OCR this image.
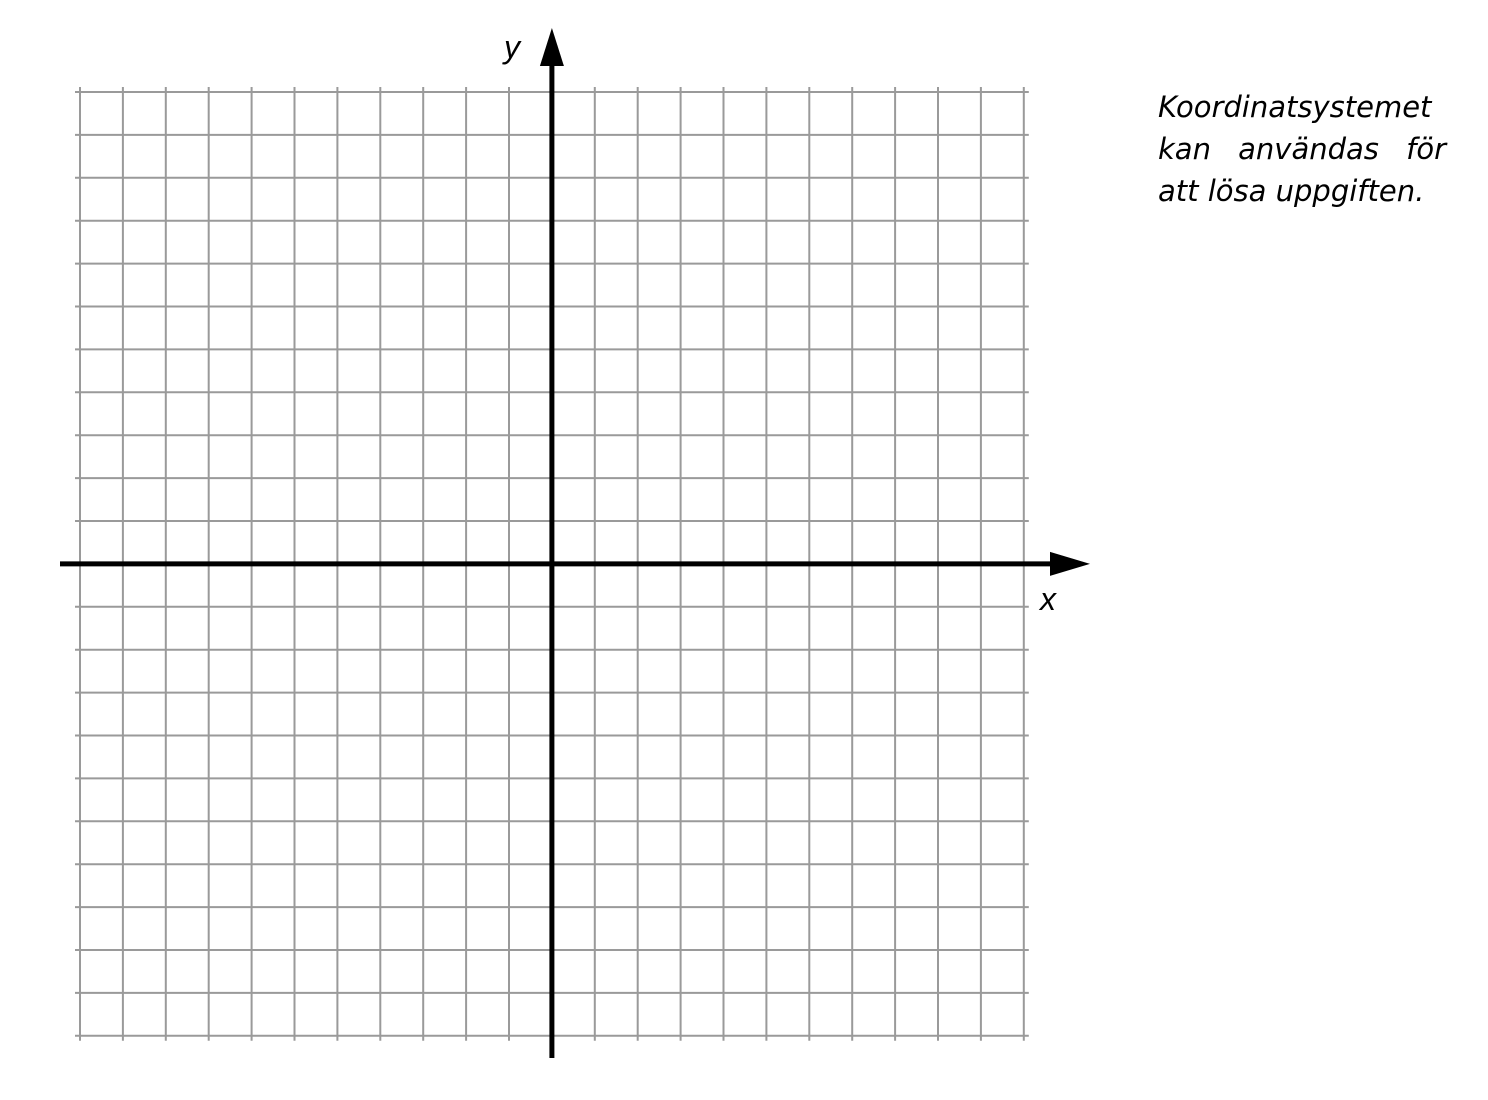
x
y

Koordinatsystemet kan användas för att lösa uppgiften.
